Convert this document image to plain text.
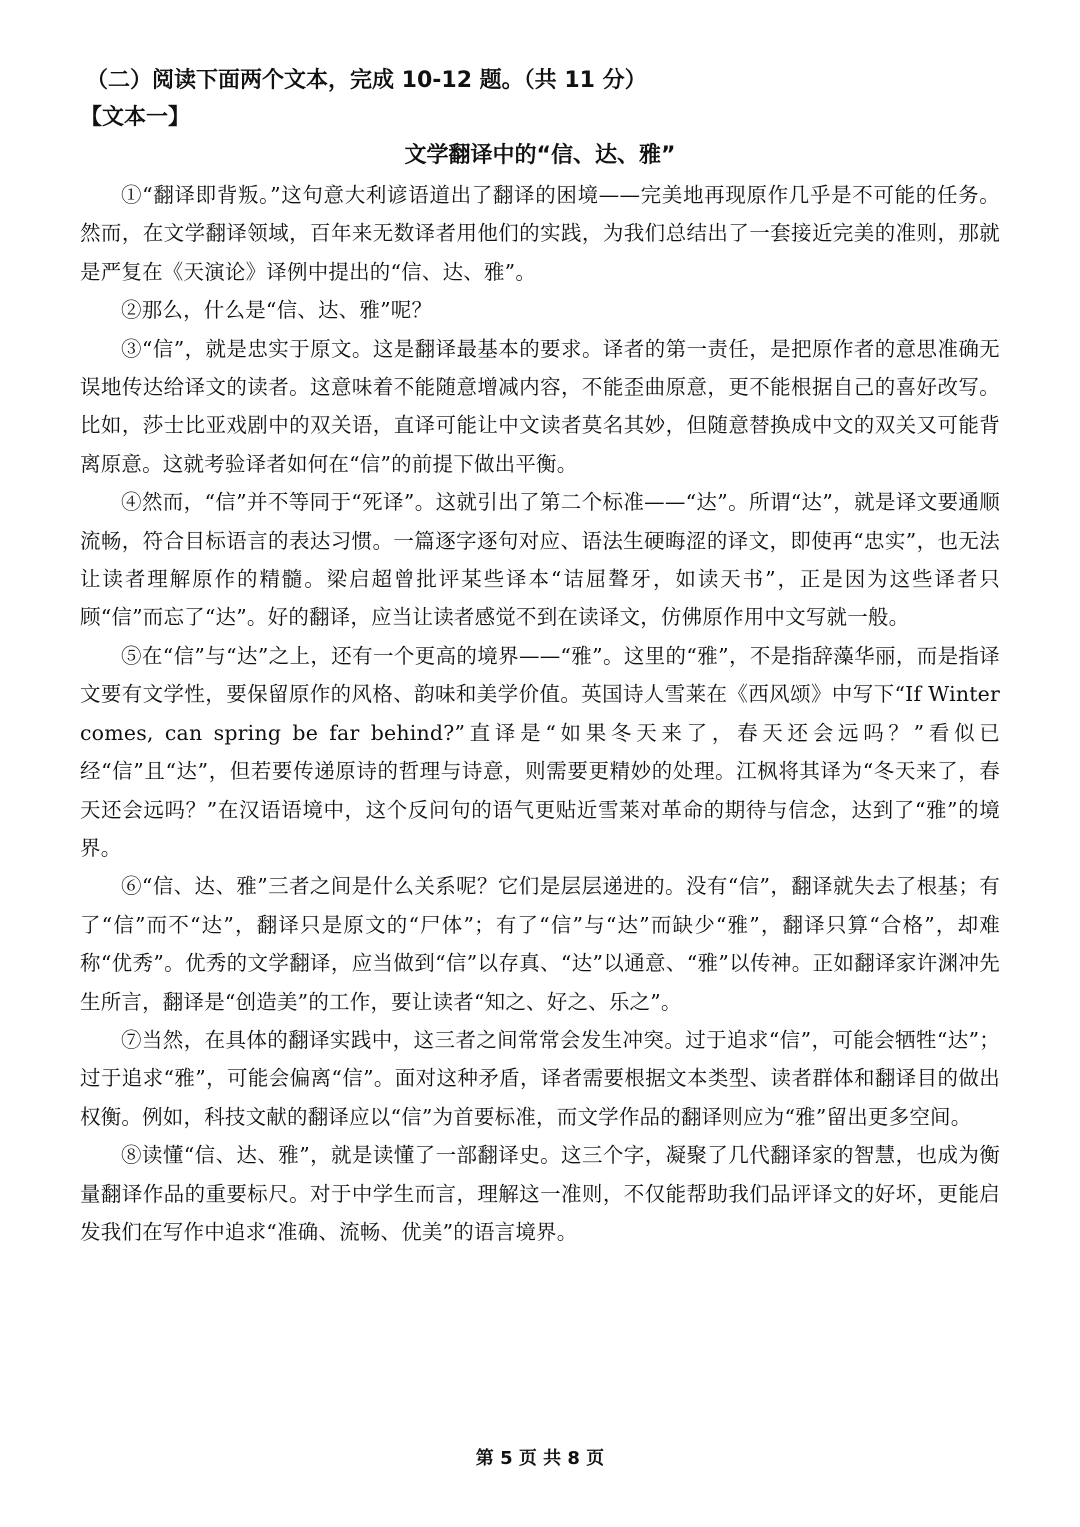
（二）阅读下面两个文本，完成 10-12 题。（共 11 分）
【文本一】
文学翻译中的“信、达、雅”

①“翻译即背叛。”这句意大利谚语道出了翻译的困境——完美地再现原作几乎是不可能的任务。然而，在文学翻译领域，百年来无数译者用他们的实践，为我们总结出了一套接近完美的准则，那就是严复在《天演论》译例中提出的“信、达、雅”。

②那么，什么是“信、达、雅”呢？

③“信”，就是忠实于原文。这是翻译最基本的要求。译者的第一责任，是把原作者的意思准确无误地传达给译文的读者。这意味着不能随意增减内容，不能歪曲原意，更不能根据自己的喜好改写。比如，莎士比亚戏剧中的双关语，直译可能让中文读者莫名其妙，但随意替换成中文的双关又可能背离原意。这就考验译者如何在“信”的前提下做出平衡。

④然而，“信”并不等同于“死译”。这就引出了第二个标准——“达”。所谓“达”，就是译文要通顺流畅，符合目标语言的表达习惯。一篇逐字逐句对应、语法生硬晦涩的译文，即使再“忠实”，也无法让读者理解原作的精髓。梁启超曾批评某些译本“诘屈聱牙，如读天书”，正是因为这些译者只顾“信”而忘了“达”。好的翻译，应当让读者感觉不到在读译文，仿佛原作用中文写就一般。

⑤在“信”与“达”之上，还有一个更高的境界——“雅”。这里的“雅”，不是指辞藻华丽，而是指译文要有文学性，要保留原作的风格、韵味和美学价值。英国诗人雪莱在《西风颂》中写下“If Winter comes, can spring be far behind?”直译是“如果冬天来了，春天还会远吗？”看似已经“信”且“达”，但若要传递原诗的哲理与诗意，则需要更精妙的处理。江枫将其译为“冬天来了，春天还会远吗？”在汉语语境中，这个反问句的语气更贴近雪莱对革命的期待与信念，达到了“雅”的境界。

⑥“信、达、雅”三者之间是什么关系呢？它们是层层递进的。没有“信”，翻译就失去了根基；有了“信”而不“达”，翻译只是原文的“尸体”；有了“信”与“达”而缺少“雅”，翻译只算“合格”，却难称“优秀”。优秀的文学翻译，应当做到“信”以存真、“达”以通意、“雅”以传神。正如翻译家许渊冲先生所言，翻译是“创造美”的工作，要让读者“知之、好之、乐之”。

⑦当然，在具体的翻译实践中，这三者之间常常会发生冲突。过于追求“信”，可能会牺牲“达”；过于追求“雅”，可能会偏离“信”。面对这种矛盾，译者需要根据文本类型、读者群体和翻译目的做出权衡。例如，科技文献的翻译应以“信”为首要标准，而文学作品的翻译则应为“雅”留出更多空间。

⑧读懂“信、达、雅”，就是读懂了一部翻译史。这三个字，凝聚了几代翻译家的智慧，也成为衡量翻译作品的重要标尺。对于中学生而言，理解这一准则，不仅能帮助我们品评译文的好坏，更能启发我们在写作中追求“准确、流畅、优美”的语言境界。

第 5 页 共 8 页
